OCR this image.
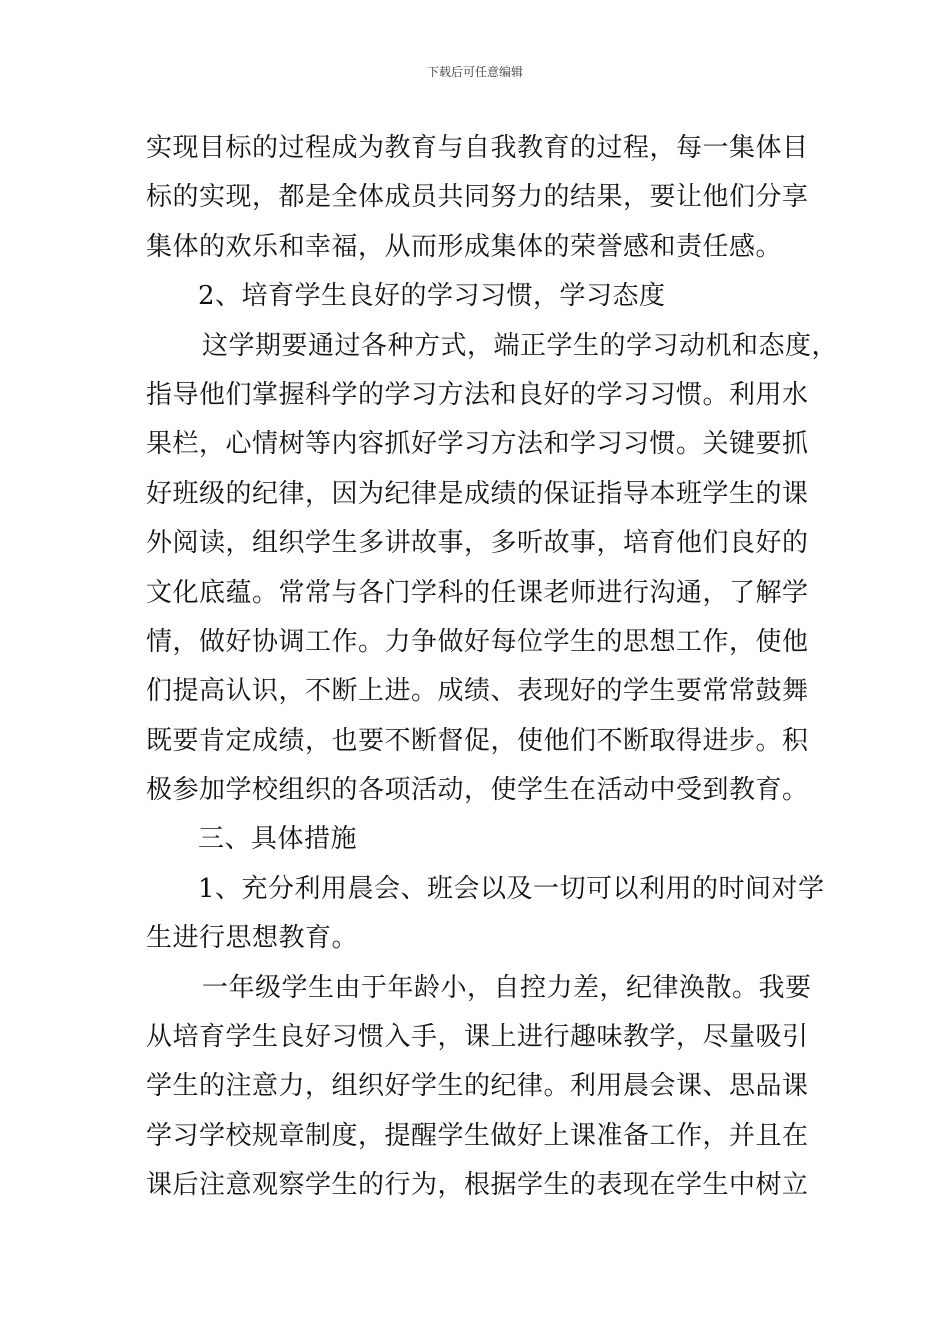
下载后可任意编辑
实现目标的过程成为教育与自我教育的过程，每一集体目
标的实现，都是全体成员共同努力的结果，要让他们分享
集体的欢乐和幸福，从而形成集体的荣誉感和责任感。
2、培育学生良好的学习习惯，学习态度
这学期要通过各种方式，端正学生的学习动机和态度，
指导他们掌握科学的学习方法和良好的学习习惯。利用水
果栏，心情树等内容抓好学习方法和学习习惯。关键要抓
好班级的纪律，因为纪律是成绩的保证指导本班学生的课
外阅读，组织学生多讲故事，多听故事，培育他们良好的
文化底蕴。常常与各门学科的任课老师进行沟通，了解学
情，做好协调工作。力争做好每位学生的思想工作，使他
们提高认识，不断上进。成绩、表现好的学生要常常鼓舞
既要肯定成绩，也要不断督促，使他们不断取得进步。积
极参加学校组织的各项活动，使学生在活动中受到教育。
三、具体措施
1、充分利用晨会、班会以及一切可以利用的时间对学
生进行思想教育。
一年级学生由于年龄小，自控力差，纪律涣散。我要
从培育学生良好习惯入手，课上进行趣味教学，尽量吸引
学生的注意力，组织好学生的纪律。利用晨会课、思品课
学习学校规章制度，提醒学生做好上课准备工作，并且在
课后注意观察学生的行为，根据学生的表现在学生中树立
